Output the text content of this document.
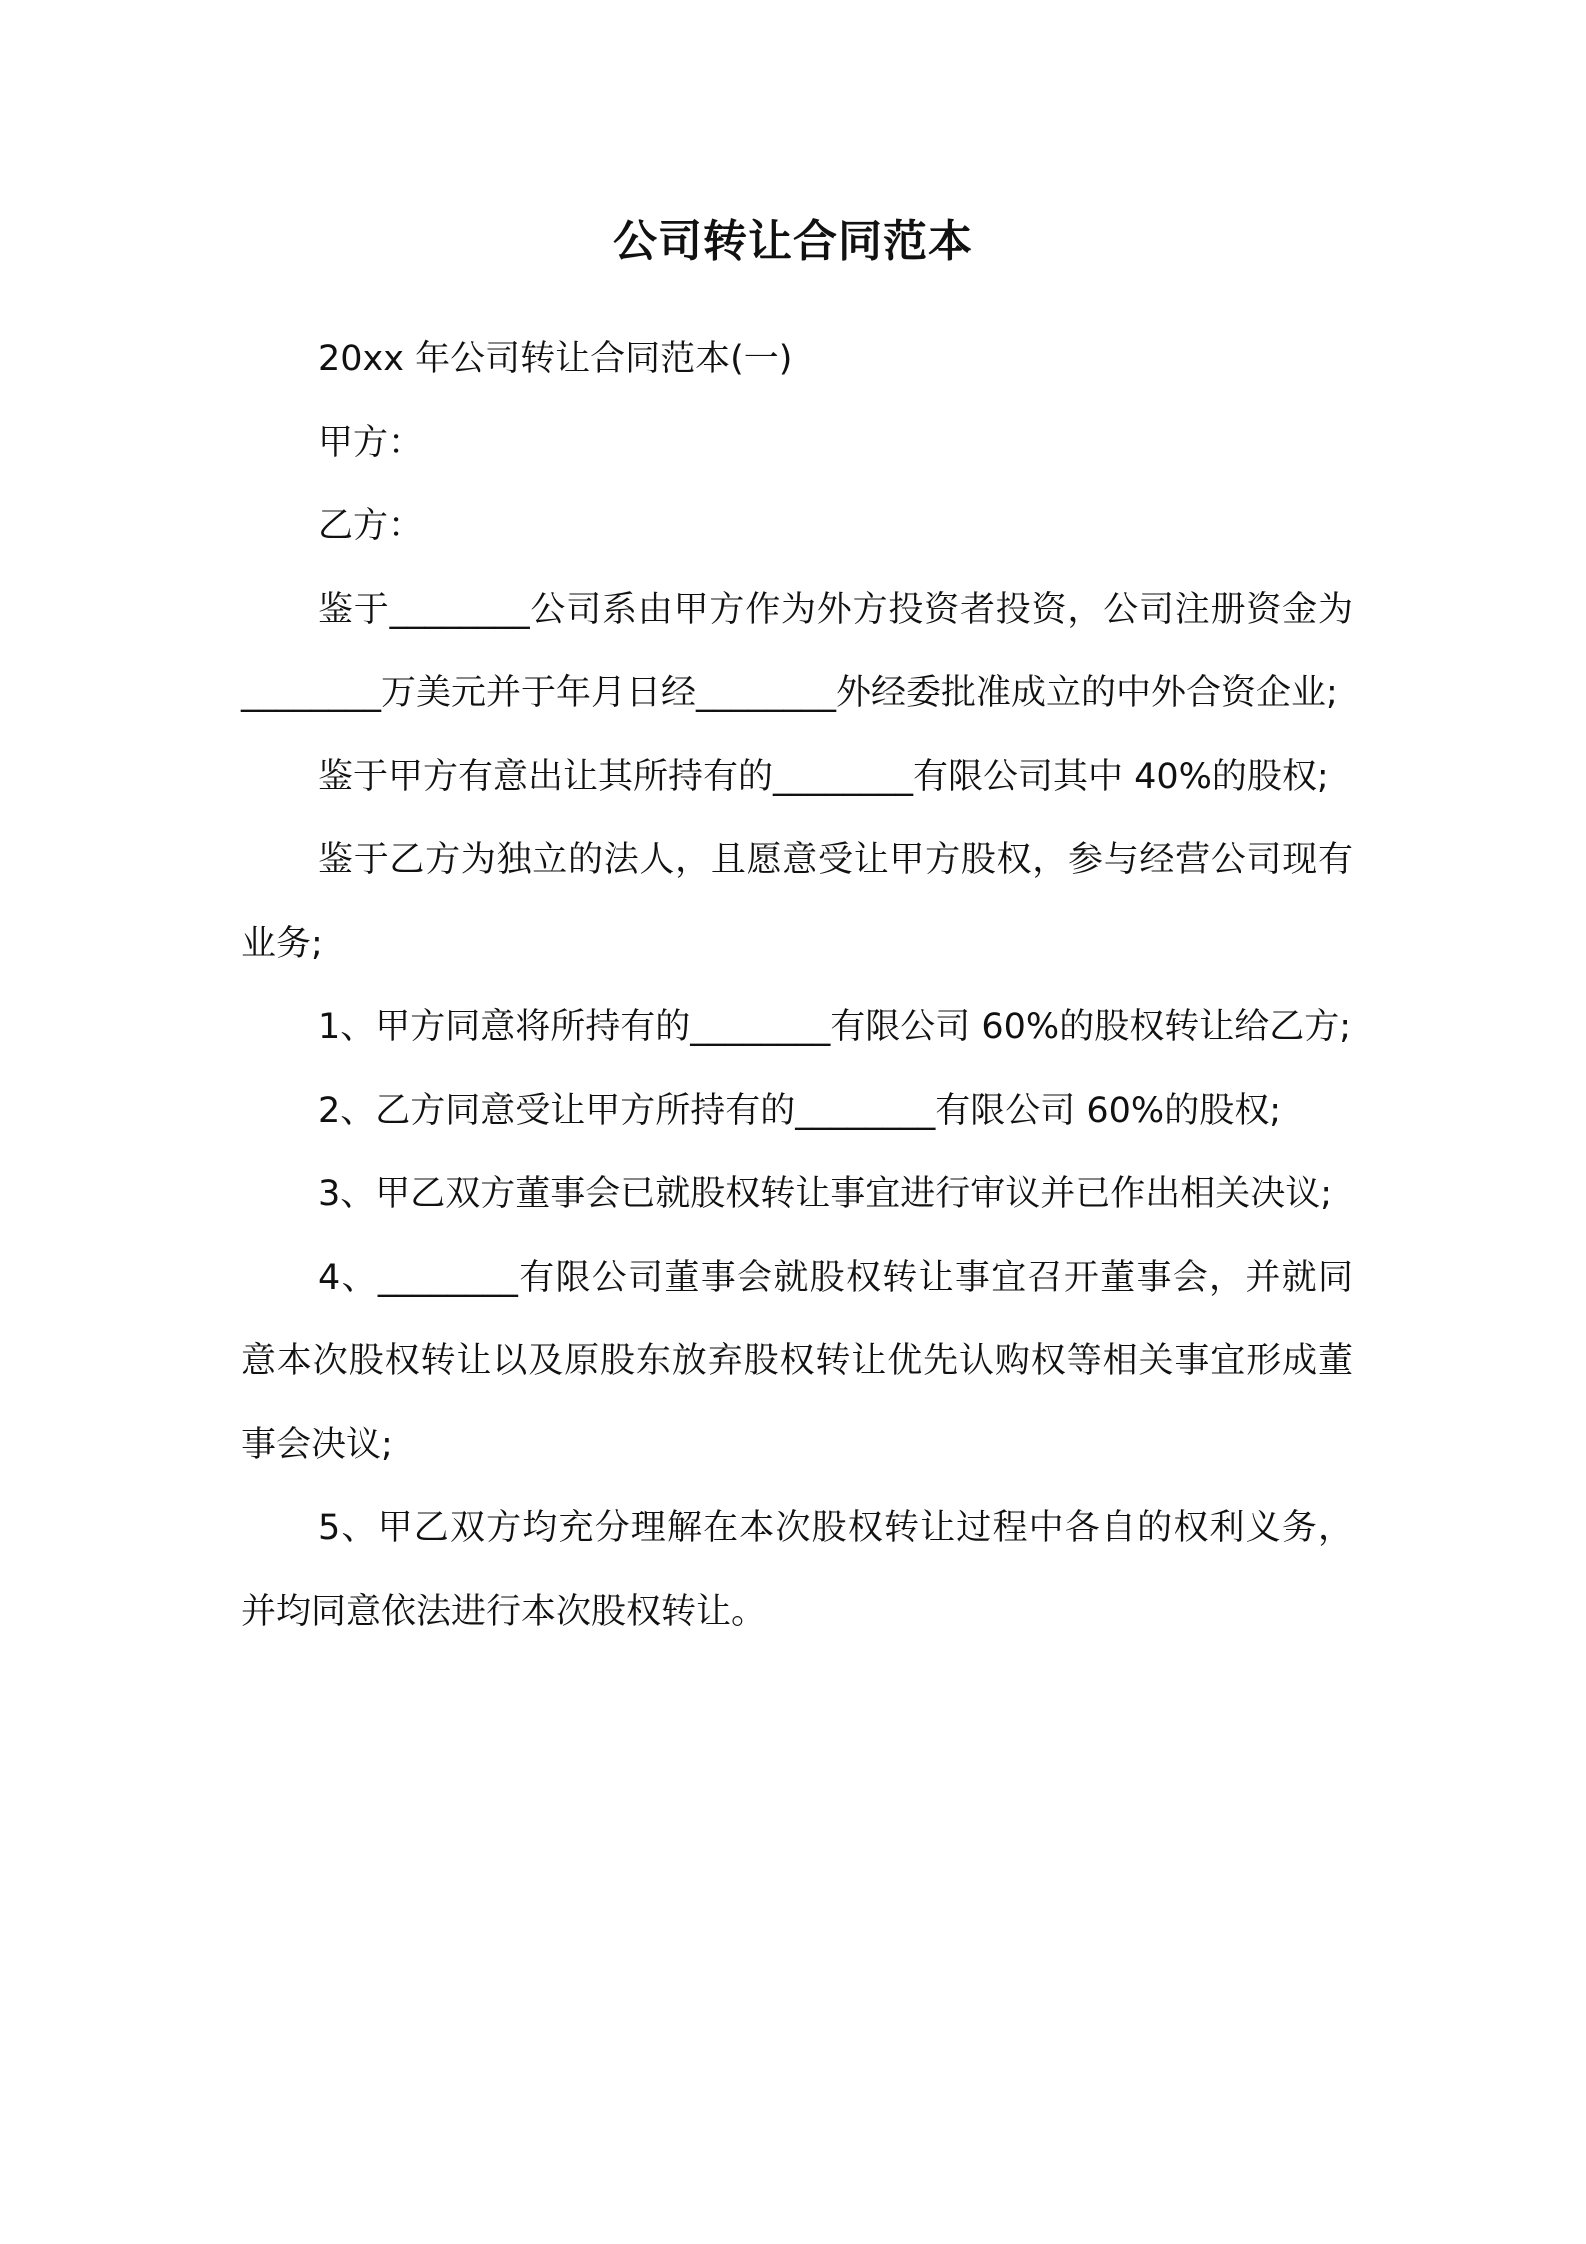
公司转让合同范本

20xx 年公司转让合同范本(一)

甲方：

乙方：

鉴于________公司系由甲方作为外方投资者投资，公司注册资金为________万美元并于年月日经________外经委批准成立的中外合资企业;

鉴于甲方有意出让其所持有的________有限公司其中 40%的股权;

鉴于乙方为独立的法人，且愿意受让甲方股权，参与经营公司现有业务;

1、甲方同意将所持有的________有限公司 60%的股权转让给乙方;

2、乙方同意受让甲方所持有的________有限公司 60%的股权;

3、甲乙双方董事会已就股权转让事宜进行审议并已作出相关决议;

4、________有限公司董事会就股权转让事宜召开董事会，并就同意本次股权转让以及原股东放弃股权转让优先认购权等相关事宜形成董事会决议;

5、甲乙双方均充分理解在本次股权转让过程中各自的权利义务，并均同意依法进行本次股权转让。
